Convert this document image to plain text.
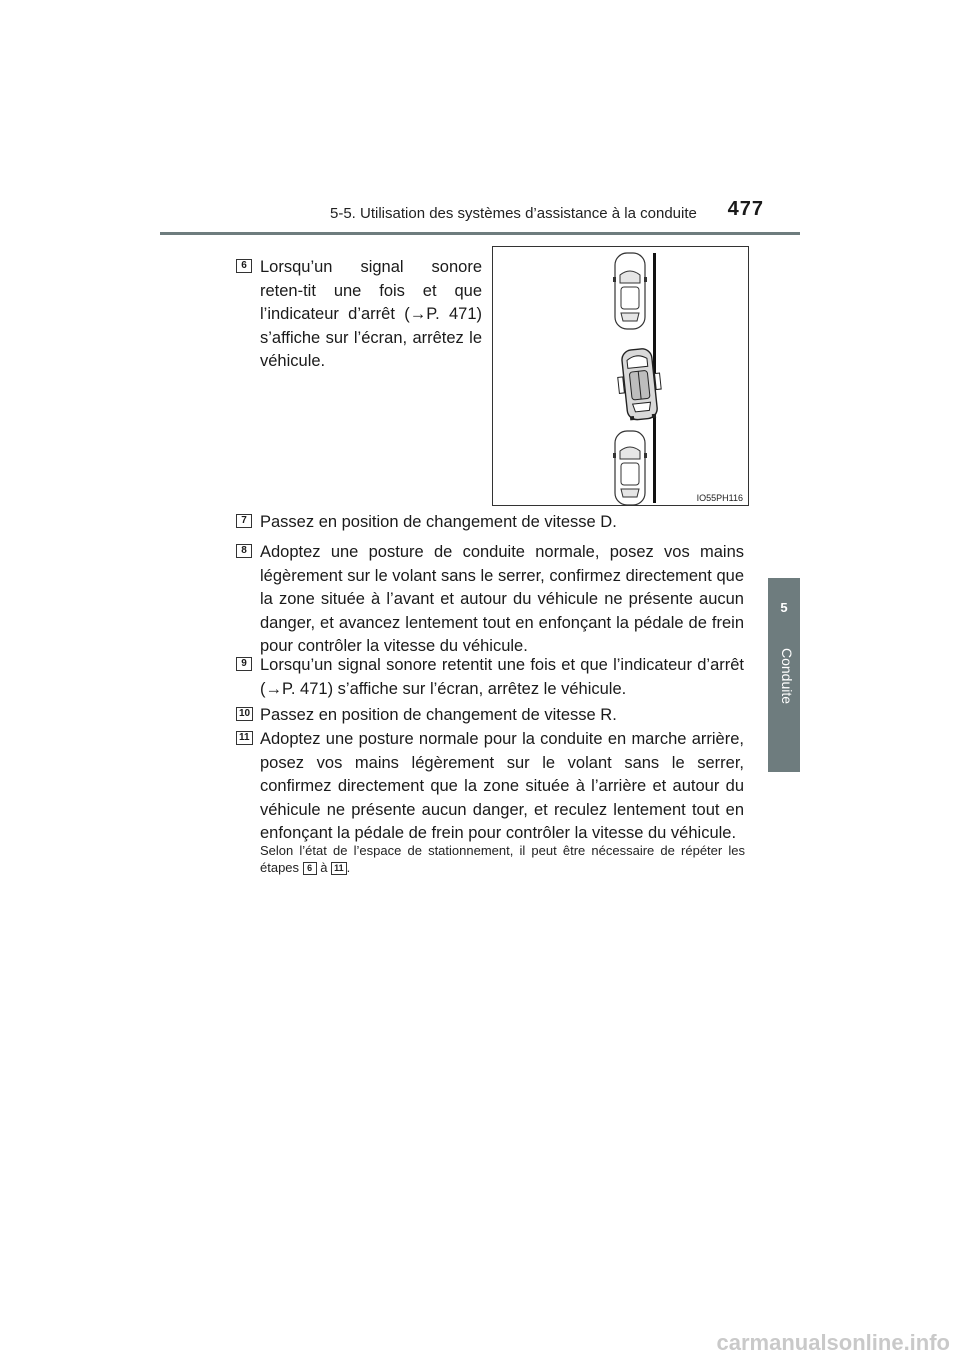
5-5. Utilisation des systèmes d’assistance à la conduite	477
5
Conduite
6 Lorsqu’un signal sonore reten-tit une fois et que l’indicateur d’arrêt (→P. 471) s’affiche sur l’écran, arrêtez le véhicule.
IO55PH116
7 Passez en position de changement de vitesse D.
8 Adoptez une posture de conduite normale, posez vos mains légèrement sur le volant sans le serrer, confirmez directement que la zone située à l’avant et autour du véhicule ne présente aucun danger, et avancez lentement tout en enfonçant la pédale de frein pour contrôler la vitesse du véhicule.
9 Lorsqu’un signal sonore retentit une fois et que l’indicateur d’arrêt (→P. 471) s’affiche sur l’écran, arrêtez le véhicule.
10 Passez en position de changement de vitesse R.
11 Adoptez une posture normale pour la conduite en marche arrière, posez vos mains légèrement sur le volant sans le serrer, confirmez directement que la zone située à l’arrière et autour du véhicule ne présente aucun danger, et reculez lentement tout en enfonçant la pédale de frein pour contrôler la vitesse du véhicule.
Selon l’état de l’espace de stationnement, il peut être nécessaire de répéter les étapes 6 à 11 .
carmanualsonline.info
